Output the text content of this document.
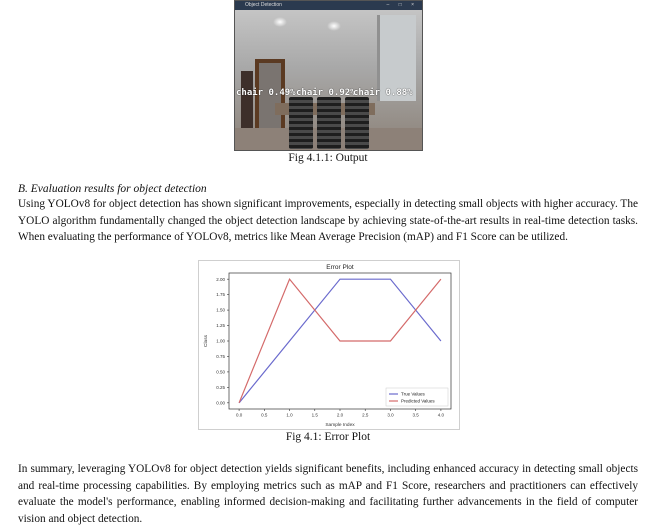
Object Detection	– □ ×
chair 0.49% chair 0.92%
chair 0.88%
Fig 4.1.1: Output
B. Evaluation results for object detection
Using YOLOv8 for object detection has shown significant improvements, especially in detecting small objects with higher accuracy. The YOLO algorithm fundamentally changed the object detection landscape by achieving state-of-the-art results in real-time detection tasks. When evaluating the performance of YOLOv8, metrics like Mean Average Precision (mAP) and F1 Score can be utilized.
Error Plot
0.0	0.5	1.0	1.5	2.0	2.5	3.0	3.5	4.0
0.00
0.25
0.50
0.75
1.00
1.25
1.50
1.75
2.00
Sample Index
Class
True Values
Predicted Values
Fig 4.1: Error Plot
In summary, leveraging YOLOv8 for object detection yields significant benefits, including enhanced accuracy in detecting small objects and real-time processing capabilities. By employing metrics such as mAP and F1 Score, researchers and practitioners can effectively evaluate the model's performance, enabling informed decision-making and facilitating further advancements in the field of computer vision and object detection.
